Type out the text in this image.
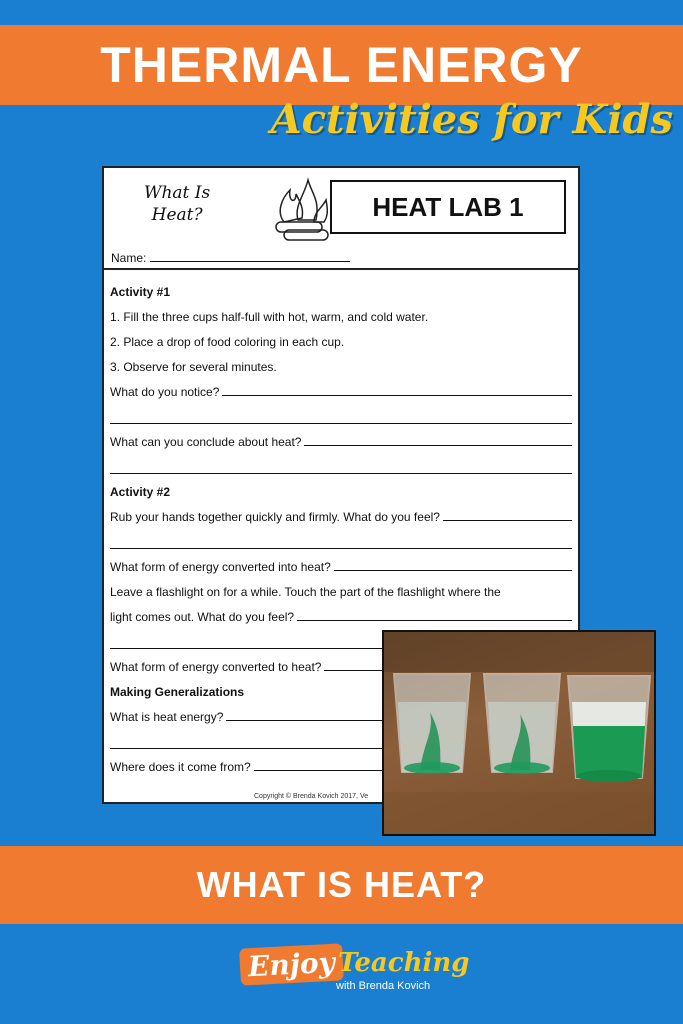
THERMAL ENERGY
Activities for Kids
What Is
Heat?	HEAT LAB 1
Name:
Activity #1
1. Fill the three cups half-full with hot, warm, and cold water.
2. Place a drop of food coloring in each cup.
3. Observe for several minutes.
What do you notice?
What can you conclude about heat?
Activity #2
Rub your hands together quickly and firmly. What do you feel?
What form of energy converted into heat?
Leave a flashlight on for a while. Touch the part of the flashlight where the
light comes out. What do you feel?
What form of energy converted to heat?
Making Generalizations
What is heat energy?
Where does it come from?
Copyright © Brenda Kovich 2017, Ve
WHAT IS HEAT?
Enjoy Teaching
with Brenda Kovich
